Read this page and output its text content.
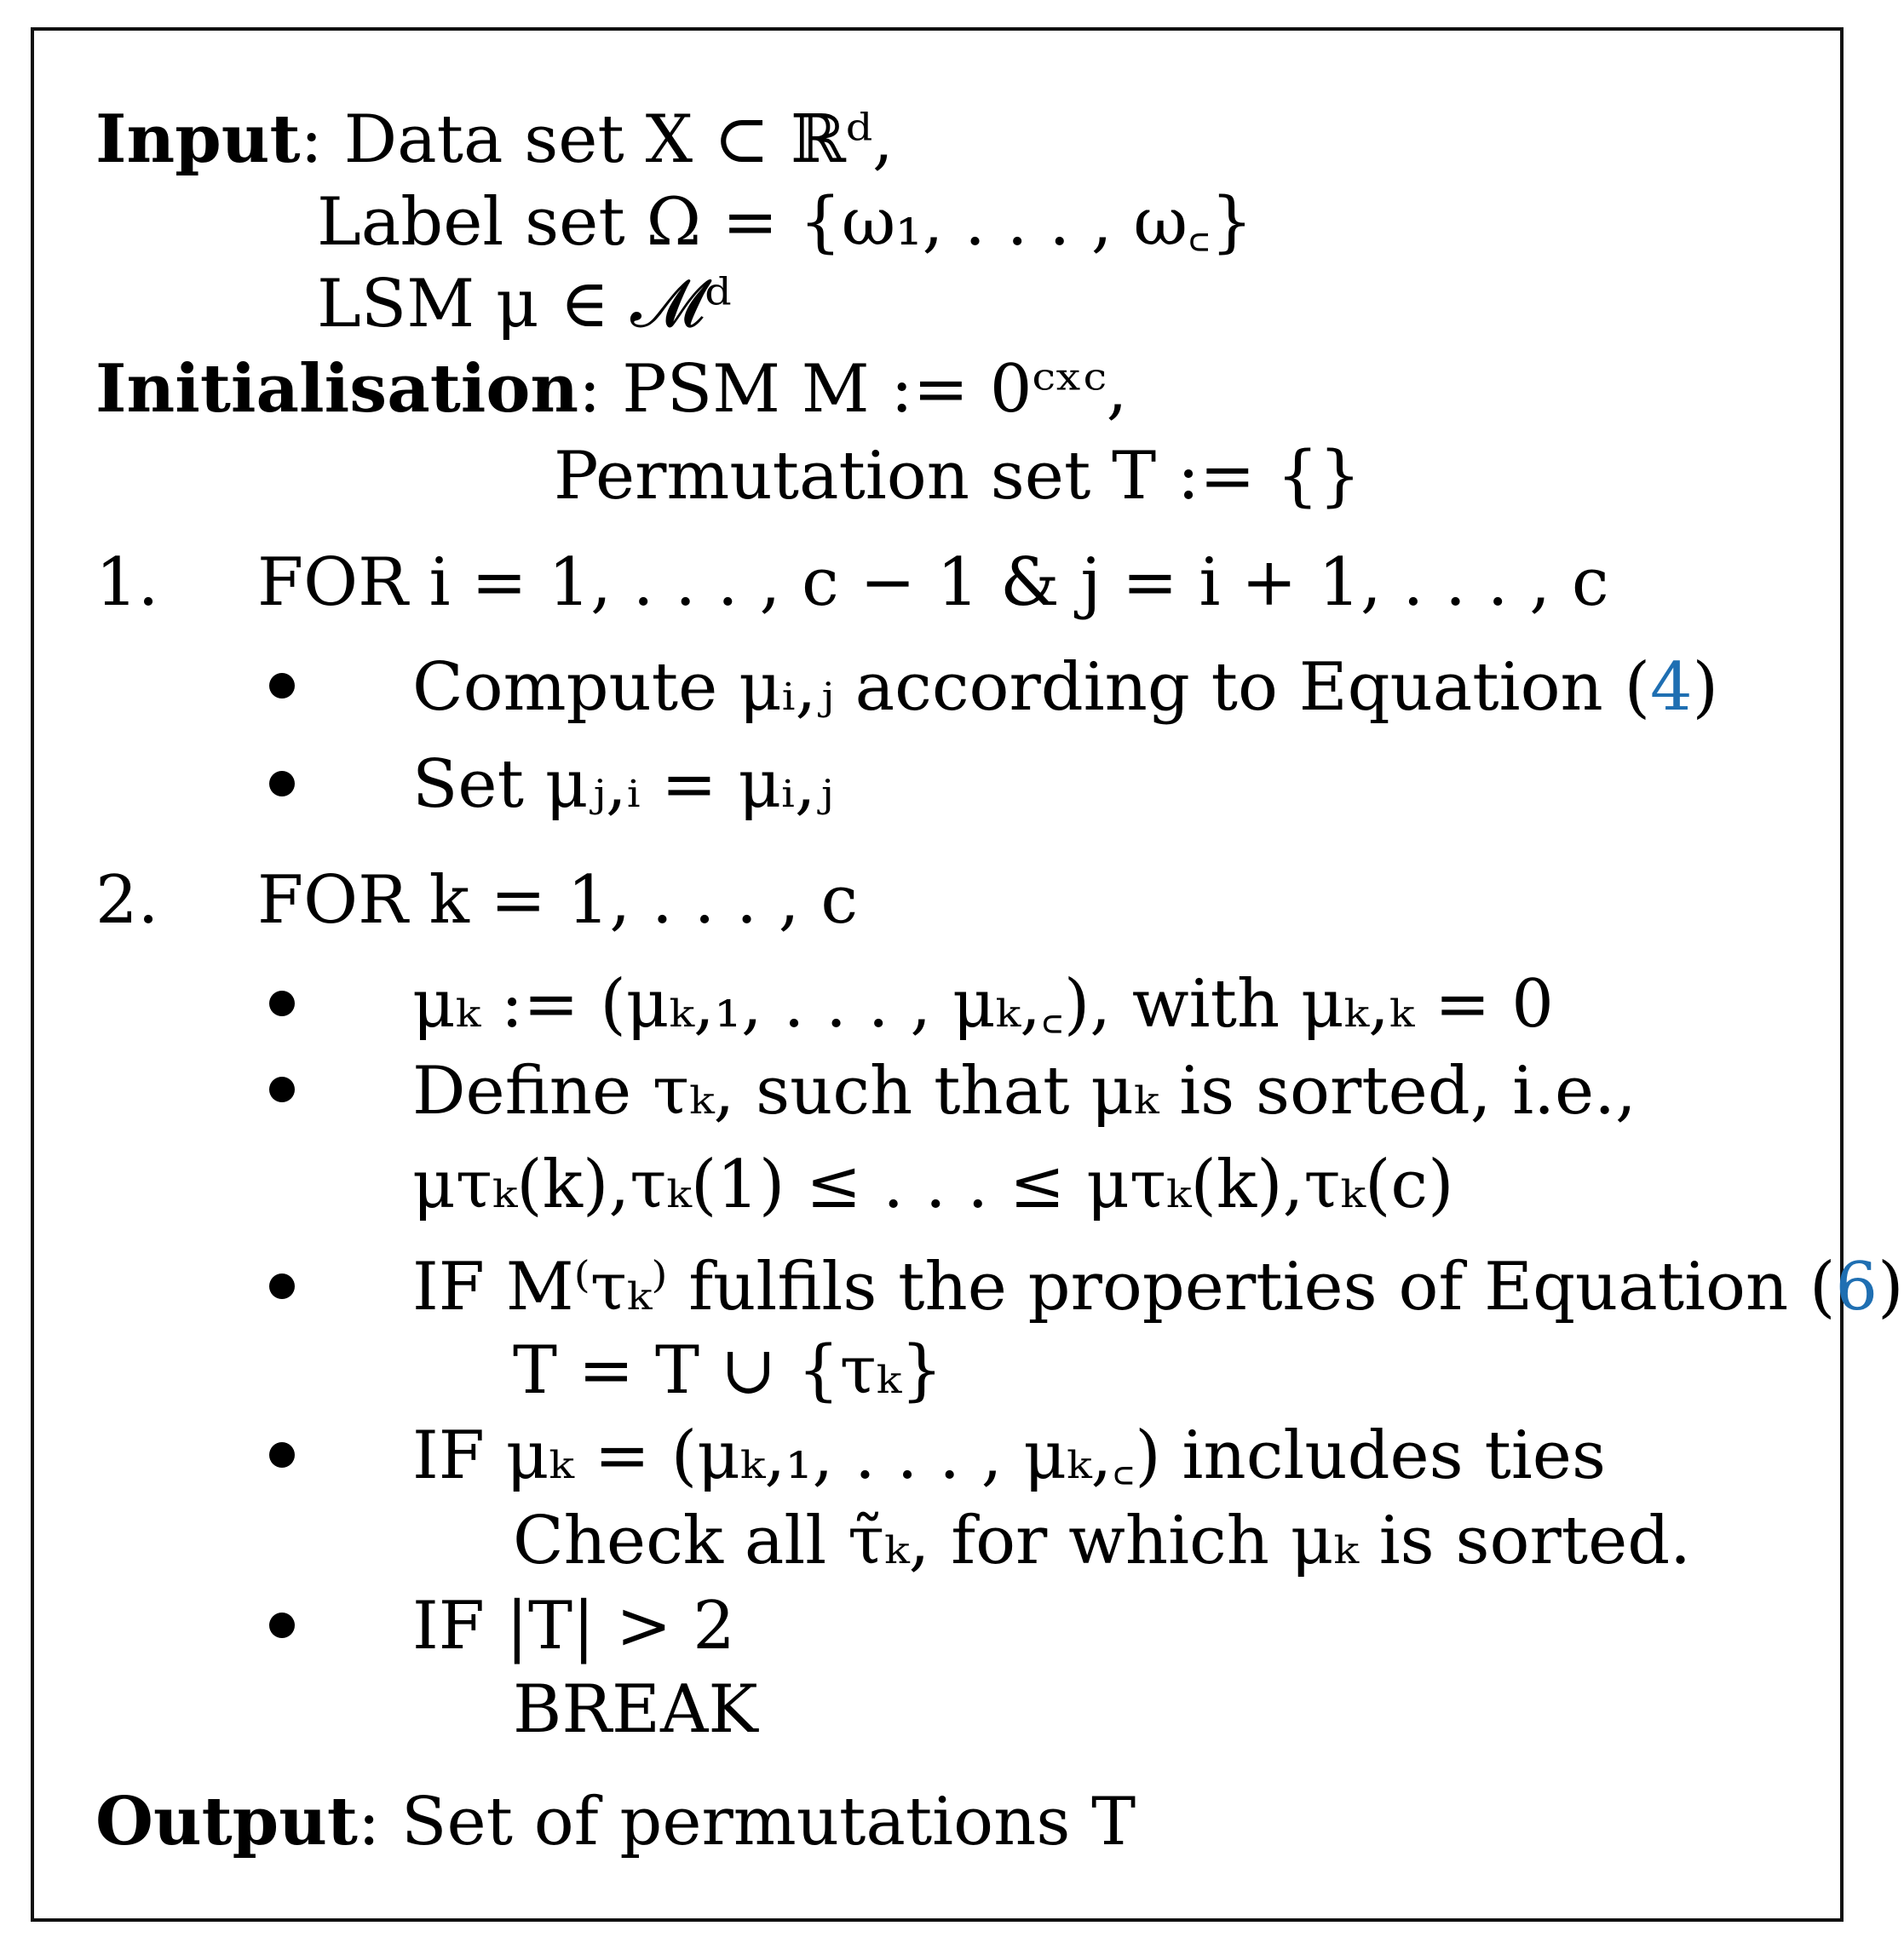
Input: Data set X ⊂ ℝᵈ,
Label set Ω = {ω₁, . . . , ω꜀}
LSM μ ∈ 𝓜ᵈ
Initialisation: PSM M := 0ᶜˣᶜ,
Permutation set T := {}
1. FOR i = 1, . . . , c − 1 & j = i + 1, . . . , c
Compute μᵢ,ⱼ according to Equation (4)
Set μⱼ,ᵢ = μᵢ,ⱼ
2. FOR k = 1, . . . , c
μₖ := (μₖ,₁, . . . , μₖ,꜀), with μₖ,ₖ = 0
Define τₖ, such that μₖ is sorted, i.e.,
μτₖ(k),τₖ(1) ≤ . . . ≤ μτₖ(k),τₖ(c)
IF M⁽τₖ⁾ fulfils the properties of Equation (6)
T = T ∪ {τₖ}
IF μₖ = (μₖ,₁, . . . , μₖ,꜀) includes ties
Check all τ̃ₖ, for which μₖ is sorted.
IF |T| > 2
BREAK
Output: Set of permutations T
